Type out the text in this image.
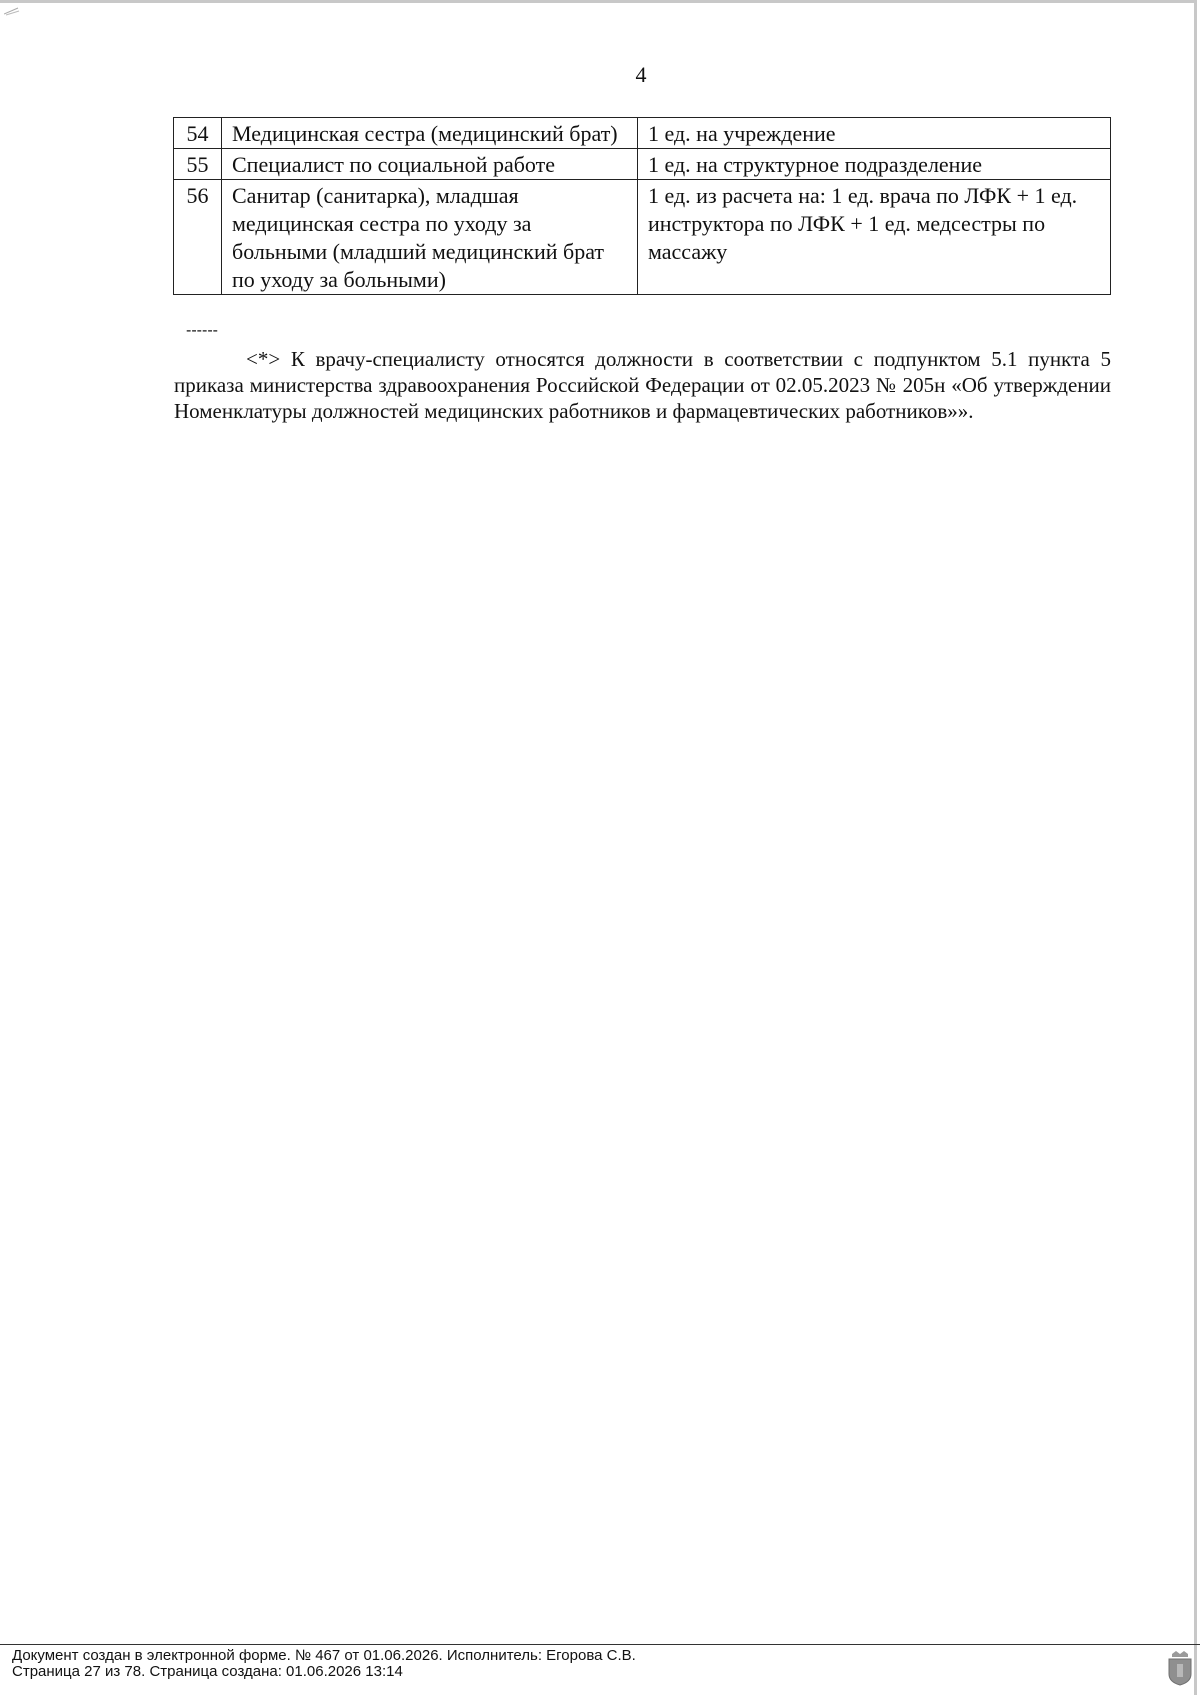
4
54	Медицинская сестра (медицинский брат)	1 ед. на учреждение
55	Специалист по социальной работе	1 ед. на структурное подразделение
56	Санитар (санитарка), младшая медицинская сестра по уходу за больными (младший медицинский брат по уходу за больными)	1 ед. из расчета на: 1 ед. врача по ЛФК + 1 ед. инструктора по ЛФК + 1 ед. медсестры по массажу
------

<*> К врачу-специалисту относятся должности в соответствии с подпунктом 5.1 пункта 5 приказа министерства здравоохранения Российской Федерации от 02.05.2023 № 205н «Об утверждении Номенклатуры должностей медицинских работников и фармацевтических работников»».

Документ создан в электронной форме. № 467 от 01.06.2026. Исполнитель: Егорова С.В.
Страница 27 из 78. Страница создана: 01.06.2026 13:14
